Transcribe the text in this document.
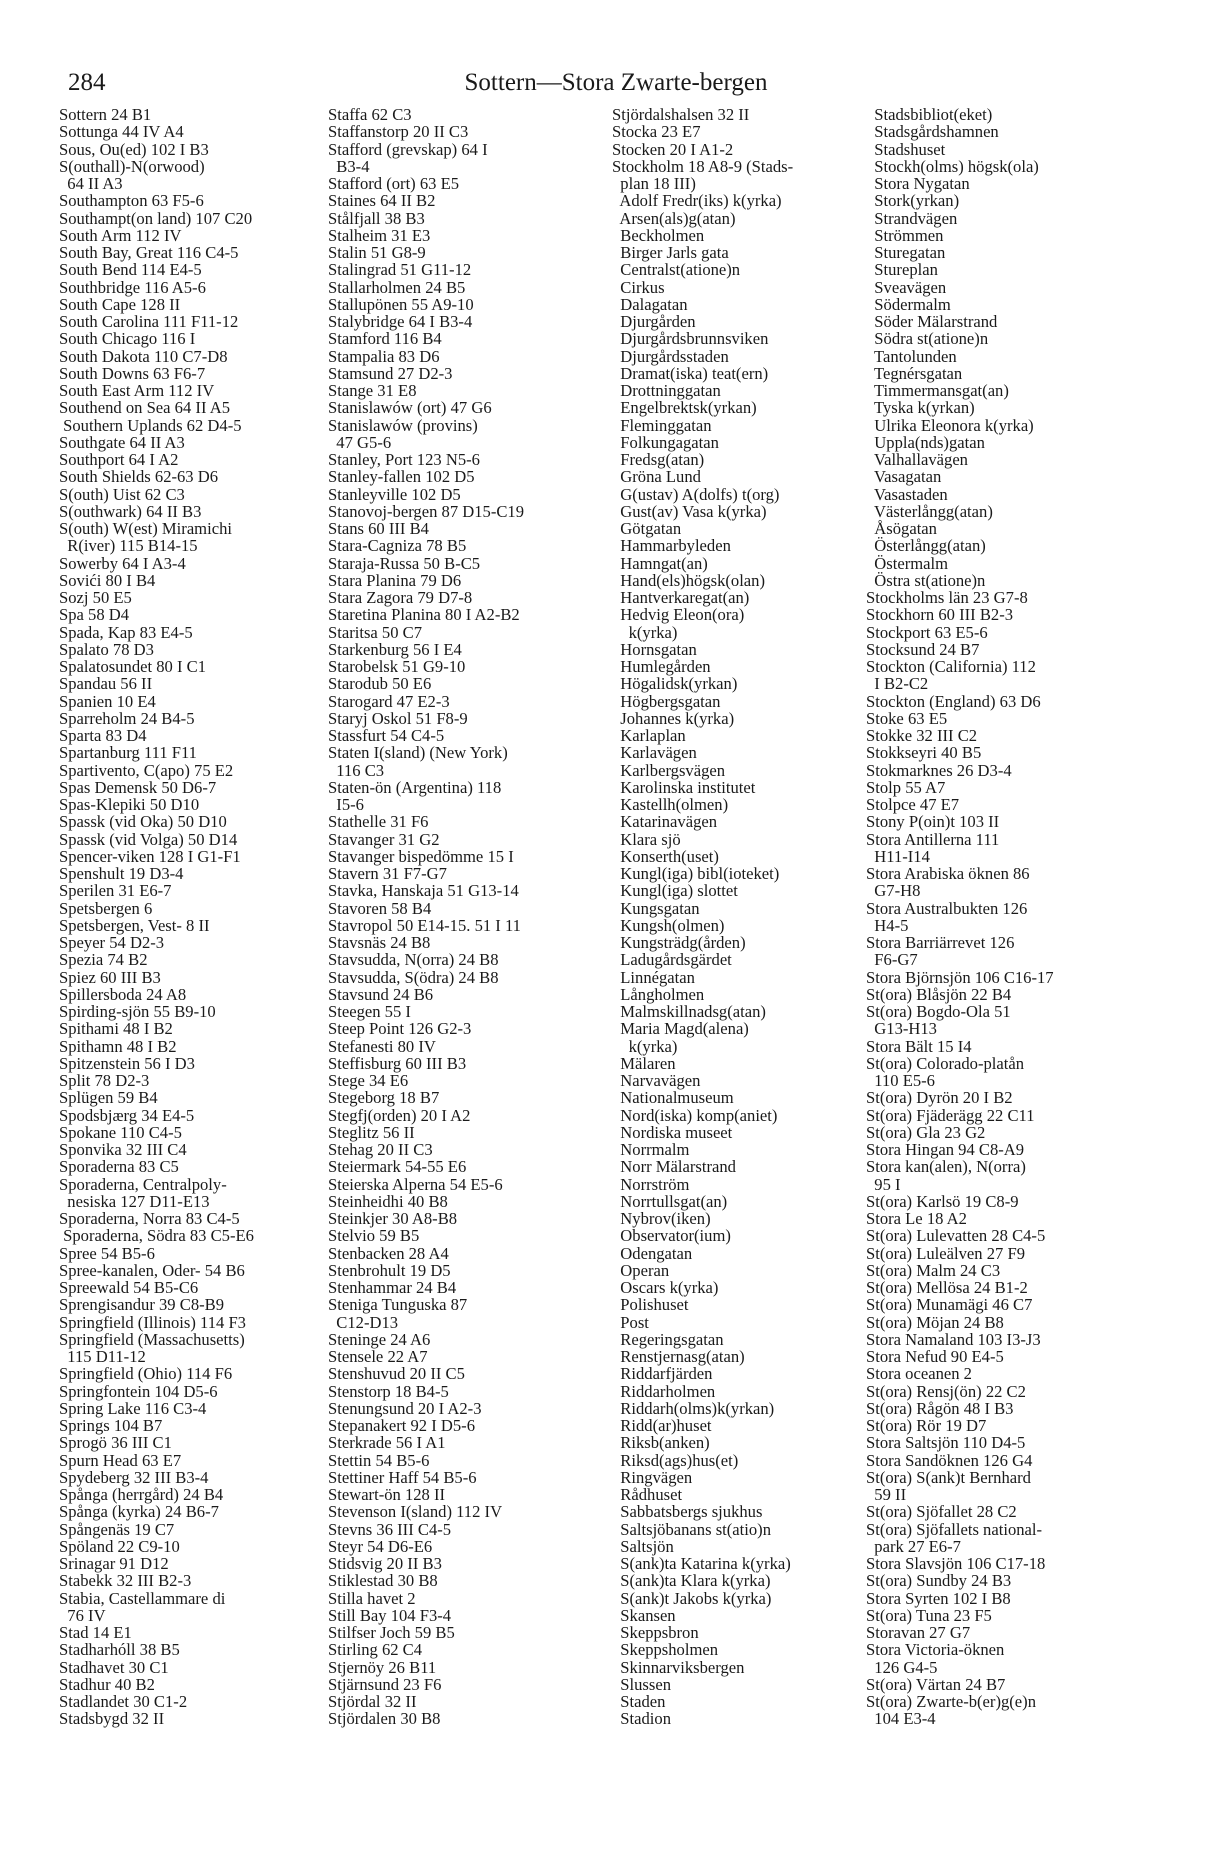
284	Sottern—Stora Zwarte-bergen
Sottern 24 B1
Sottunga 44 IV A4
Sous, Ou(ed) 102 I B3
S(outhall)-N(orwood)
64 II A3
Southampton 63 F5-6
Southampt(on land) 107 C20
South Arm 112 IV
South Bay, Great 116 C4-5
South Bend 114 E4-5
Southbridge 116 A5-6
South Cape 128 II
South Carolina 111 F11-12
South Chicago 116 I
South Dakota 110 C7-D8
South Downs 63 F6-7
South East Arm 112 IV
Southend on Sea 64 II A5
Southern Uplands 62 D4-5
Southgate 64 II A3
Southport 64 I A2
South Shields 62-63 D6
S(outh) Uist 62 C3
S(outhwark) 64 II B3
S(outh) W(est) Miramichi
R(iver) 115 B14-15
Sowerby 64 I A3-4
Sovići 80 I B4
Sozj 50 E5
Spa 58 D4
Spada, Kap 83 E4-5
Spalato 78 D3
Spalatosundet 80 I C1
Spandau 56 II
Spanien 10 E4
Sparreholm 24 B4-5
Sparta 83 D4
Spartanburg 111 F11
Spartivento, C(apo) 75 E2
Spas Demensk 50 D6-7
Spas-Klepiki 50 D10
Spassk (vid Oka) 50 D10
Spassk (vid Volga) 50 D14
Spencer-viken 128 I G1-F1
Spenshult 19 D3-4
Sperilen 31 E6-7
Spetsbergen 6
Spetsbergen, Vest- 8 II
Speyer 54 D2-3
Spezia 74 B2
Spiez 60 III B3
Spillersboda 24 A8
Spirding-sjön 55 B9-10
Spithami 48 I B2
Spithamn 48 I B2
Spitzenstein 56 I D3
Split 78 D2-3
Splügen 59 B4
Spodsbjærg 34 E4-5
Spokane 110 C4-5
Sponvika 32 III C4
Sporaderna 83 C5
Sporaderna, Centralpoly-
nesiska 127 D11-E13
Sporaderna, Norra 83 C4-5
Sporaderna, Södra 83 C5-E6
Spree 54 B5-6
Spree-kanalen, Oder- 54 B6
Spreewald 54 B5-C6
Sprengisandur 39 C8-B9
Springfield (Illinois) 114 F3
Springfield (Massachusetts)
115 D11-12
Springfield (Ohio) 114 F6
Springfontein 104 D5-6
Spring Lake 116 C3-4
Springs 104 B7
Sprogö 36 III C1
Spurn Head 63 E7
Spydeberg 32 III B3-4
Spånga (herrgård) 24 B4
Spånga (kyrka) 24 B6-7
Spångenäs 19 C7
Spöland 22 C9-10
Srinagar 91 D12
Stabekk 32 III B2-3
Stabia, Castellammare di
76 IV
Stad 14 E1
Stadharhóll 38 B5
Stadhavet 30 C1
Stadhur 40 B2
Stadlandet 30 C1-2
Stadsbygd 32 II
Staffa 62 C3
Staffanstorp 20 II C3
Stafford (grevskap) 64 I
B3-4
Stafford (ort) 63 E5
Staines 64 II B2
Stålfjall 38 B3
Stalheim 31 E3
Stalin 51 G8-9
Stalingrad 51 G11-12
Stallarholmen 24 B5
Stallupönen 55 A9-10
Stalybridge 64 I B3-4
Stamford 116 B4
Stampalia 83 D6
Stamsund 27 D2-3
Stange 31 E8
Stanislawów (ort) 47 G6
Stanislawów (provins)
47 G5-6
Stanley, Port 123 N5-6
Stanley-fallen 102 D5
Stanleyville 102 D5
Stanovoj-bergen 87 D15-C19
Stans 60 III B4
Stara-Cagniza 78 B5
Staraja-Russa 50 B-C5
Stara Planina 79 D6
Stara Zagora 79 D7-8
Staretina Planina 80 I A2-B2
Staritsa 50 C7
Starkenburg 56 I E4
Starobelsk 51 G9-10
Starodub 50 E6
Starogard 47 E2-3
Staryj Oskol 51 F8-9
Stassfurt 54 C4-5
Staten I(sland) (New York)
116 C3
Staten-ön (Argentina) 118
I5-6
Stathelle 31 F6
Stavanger 31 G2
Stavanger bispedömme 15 I
Stavern 31 F7-G7
Stavka, Hanskaja 51 G13-14
Stavoren 58 B4
Stavropol 50 E14-15. 51 I 11
Stavsnäs 24 B8
Stavsudda, N(orra) 24 B8
Stavsudda, S(ödra) 24 B8
Stavsund 24 B6
Steegen 55 I
Steep Point 126 G2-3
Stefanesti 80 IV
Steffisburg 60 III B3
Stege 34 E6
Stegeborg 18 B7
Stegfj(orden) 20 I A2
Steglitz 56 II
Stehag 20 II C3
Steiermark 54-55 E6
Steierska Alperna 54 E5-6
Steinheidhi 40 B8
Steinkjer 30 A8-B8
Stelvio 59 B5
Stenbacken 28 A4
Stenbrohult 19 D5
Stenhammar 24 B4
Steniga Tunguska 87
C12-D13
Steninge 24 A6
Stensele 22 A7
Stenshuvud 20 II C5
Stenstorp 18 B4-5
Stenungsund 20 I A2-3
Stepanakert 92 I D5-6
Sterkrade 56 I A1
Stettin 54 B5-6
Stettiner Haff 54 B5-6
Stewart-ön 128 II
Stevenson I(sland) 112 IV
Stevns 36 III C4-5
Steyr 54 D6-E6
Stidsvig 20 II B3
Stiklestad 30 B8
Stilla havet 2
Still Bay 104 F3-4
Stilfser Joch 59 B5
Stirling 62 C4
Stjernöy 26 B11
Stjärnsund 23 F6
Stjördal 32 II
Stjördalen 30 B8
Stjördalshalsen 32 II
Stocka 23 E7
Stocken 20 I A1-2
Stockholm 18 A8-9 (Stads-
plan 18 III)
Adolf Fredr(iks) k(yrka)
Arsen(als)g(atan)
Beckholmen
Birger Jarls gata
Centralst(atione)n
Cirkus
Dalagatan
Djurgården
Djurgårdsbrunnsviken
Djurgårdsstaden
Dramat(iska) teat(ern)
Drottninggatan
Engelbrektsk(yrkan)
Fleminggatan
Folkungagatan
Fredsg(atan)
Gröna Lund
G(ustav) A(dolfs) t(org)
Gust(av) Vasa k(yrka)
Götgatan
Hammarbyleden
Hamngat(an)
Hand(els)högsk(olan)
Hantverkaregat(an)
Hedvig Eleon(ora)
k(yrka)
Hornsgatan
Humlegården
Högalidsk(yrkan)
Högbergsgatan
Johannes k(yrka)
Karlaplan
Karlavägen
Karlbergsvägen
Karolinska institutet
Kastellh(olmen)
Katarinavägen
Klara sjö
Konserth(uset)
Kungl(iga) bibl(ioteket)
Kungl(iga) slottet
Kungsgatan
Kungsh(olmen)
Kungsträdg(ården)
Ladugårdsgärdet
Linnégatan
Långholmen
Malmskillnadsg(atan)
Maria Magd(alena)
k(yrka)
Mälaren
Narvavägen
Nationalmuseum
Nord(iska) komp(aniet)
Nordiska museet
Norrmalm
Norr Mälarstrand
Norrström
Norrtullsgat(an)
Nybrov(iken)
Observator(ium)
Odengatan
Operan
Oscars k(yrka)
Polishuset
Post
Regeringsgatan
Renstjernasg(atan)
Riddarfjärden
Riddarholmen
Riddarh(olms)k(yrkan)
Ridd(ar)huset
Riksb(anken)
Riksd(ags)hus(et)
Ringvägen
Rådhuset
Sabbatsbergs sjukhus
Saltsjöbanans st(atio)n
Saltsjön
S(ank)ta Katarina k(yrka)
S(ank)ta Klara k(yrka)
S(ank)t Jakobs k(yrka)
Skansen
Skeppsbron
Skeppsholmen
Skinnarviksbergen
Slussen
Staden
Stadion
Stadsbibliot(eket)
Stadsgårdshamnen
Stadshuset
Stockh(olms) högsk(ola)
Stora Nygatan
Stork(yrkan)
Strandvägen
Strömmen
Sturegatan
Stureplan
Sveavägen
Södermalm
Söder Mälarstrand
Södra st(atione)n
Tantolunden
Tegnérsgatan
Timmermansgat(an)
Tyska k(yrkan)
Ulrika Eleonora k(yrka)
Uppla(nds)gatan
Valhallavägen
Vasagatan
Vasastaden
Västerlångg(atan)
Åsögatan
Österlångg(atan)
Östermalm
Östra st(atione)n
Stockholms län 23 G7-8
Stockhorn 60 III B2-3
Stockport 63 E5-6
Stocksund 24 B7
Stockton (California) 112
I B2-C2
Stockton (England) 63 D6
Stoke 63 E5
Stokke 32 III C2
Stokkseyri 40 B5
Stokmarknes 26 D3-4
Stolp 55 A7
Stolpce 47 E7
Stony P(oin)t 103 II
Stora Antillerna 111
H11-I14
Stora Arabiska öknen 86
G7-H8
Stora Australbukten 126
H4-5
Stora Barriärrevet 126
F6-G7
Stora Björnsjön 106 C16-17
St(ora) Blåsjön 22 B4
St(ora) Bogdo-Ola 51
G13-H13
Stora Bält 15 I4
St(ora) Colorado-platån
110 E5-6
St(ora) Dyrön 20 I B2
St(ora) Fjäderägg 22 C11
St(ora) Gla 23 G2
Stora Hingan 94 C8-A9
Stora kan(alen), N(orra)
95 I
St(ora) Karlsö 19 C8-9
Stora Le 18 A2
St(ora) Lulevatten 28 C4-5
St(ora) Luleälven 27 F9
St(ora) Malm 24 C3
St(ora) Mellösa 24 B1-2
St(ora) Munamägi 46 C7
St(ora) Möjan 24 B8
Stora Namaland 103 I3-J3
Stora Nefud 90 E4-5
Stora oceanen 2
St(ora) Rensj(ön) 22 C2
St(ora) Rågön 48 I B3
St(ora) Rör 19 D7
Stora Saltsjön 110 D4-5
Stora Sandöknen 126 G4
St(ora) S(ank)t Bernhard
59 II
St(ora) Sjöfallet 28 C2
St(ora) Sjöfallets national-
park 27 E6-7
Stora Slavsjön 106 C17-18
St(ora) Sundby 24 B3
Stora Syrten 102 I B8
St(ora) Tuna 23 F5
Storavan 27 G7
Stora Victoria-öknen
126 G4-5
St(ora) Värtan 24 B7
St(ora) Zwarte-b(er)g(e)n
104 E3-4
